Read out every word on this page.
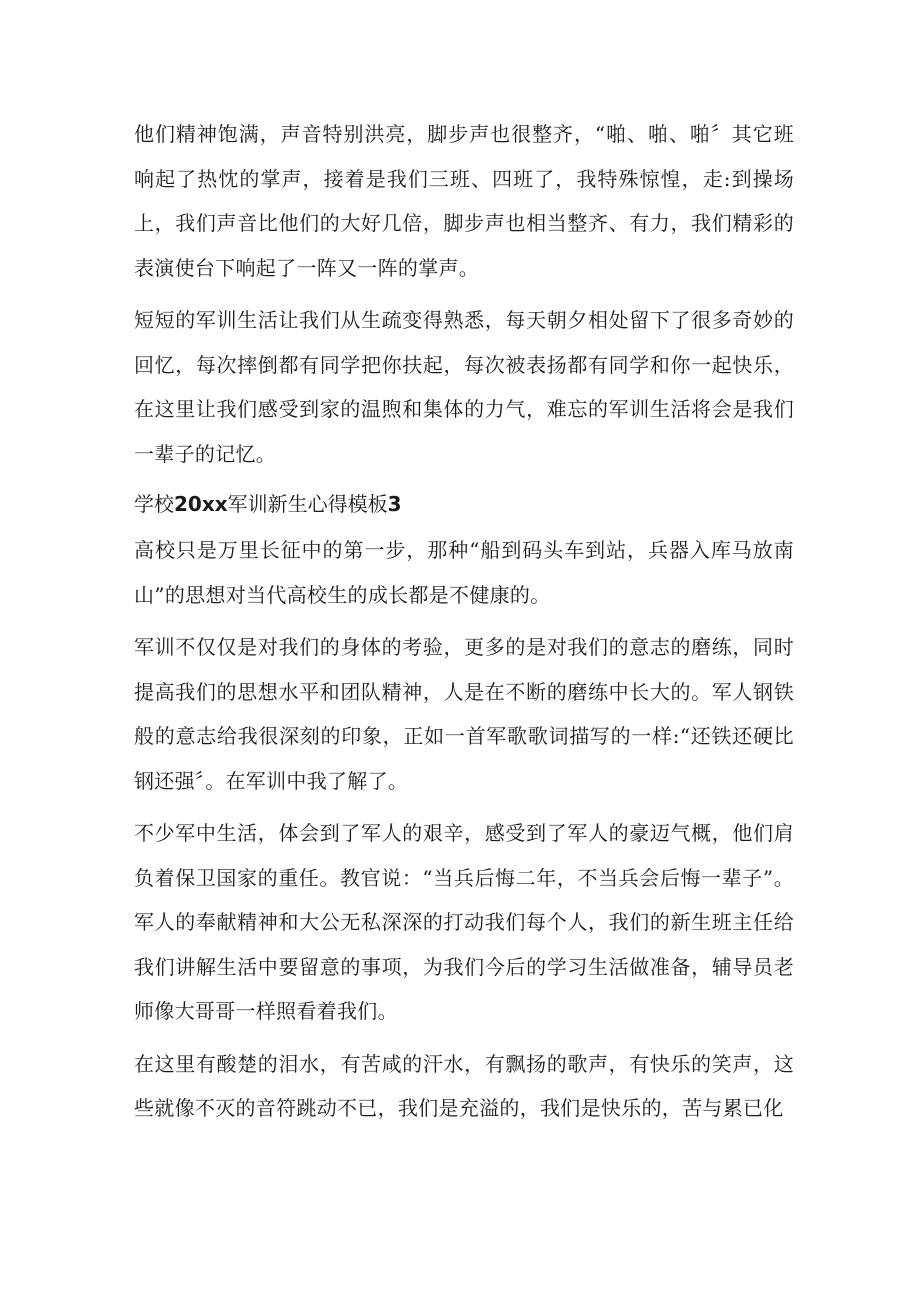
他们精神饱满，声音特别洪亮，脚步声也很整齐，“啪、啪、啪〞其它班响起了热忱的掌声，接着是我们三班、四班了，我特殊惊惶，走:到操场上，我们声音比他们的大好几倍，脚步声也相当整齐、有力，我们精彩的表演使台下响起了一阵又一阵的掌声。

短短的军训生活让我们从生疏变得熟悉，每天朝夕相处留下了很多奇妙的回忆，每次摔倒都有同学把你扶起，每次被表扬都有同学和你一起快乐，在这里让我们感受到家的温煦和集体的力气，难忘的军训生活将会是我们一辈子的记忆。

学校20xx军训新生心得模板3

高校只是万里长征中的第一步，那种“船到码头车到站，兵器入库马放南山”的思想对当代高校生的成长都是不健康的。

军训不仅仅是对我们的身体的考验，更多的是对我们的意志的磨练，同时提高我们的思想水平和团队精神，人是在不断的磨练中长大的。军人钢铁般的意志给我很深刻的印象，正如一首军歌歌词描写的一样:“还铁还硬比钢还强〞。在军训中我了解了。

不少军中生活，体会到了军人的艰辛，感受到了军人的豪迈气概，他们肩负着保卫国家的重任。教官说：“当兵后悔二年，不当兵会后悔一辈子”。军人的奉献精神和大公无私深深的打动我们每个人，我们的新生班主任给我们讲解生活中要留意的事项，为我们今后的学习生活做准备，辅导员老师像大哥哥一样照看着我们。

在这里有酸楚的泪水，有苦咸的汗水，有飘扬的歌声，有快乐的笑声，这些就像不灭的音符跳动不已，我们是充溢的，我们是快乐的，苦与累已化
